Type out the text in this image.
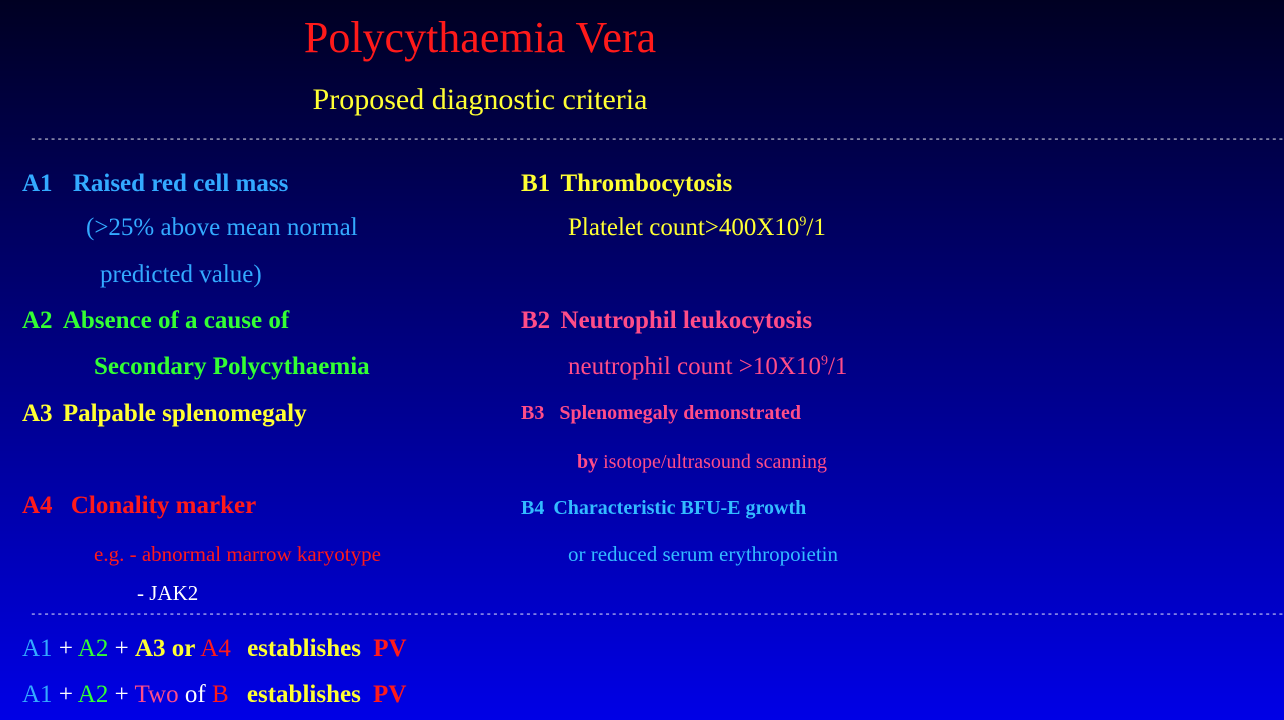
Polycythaemia Vera
Proposed diagnostic criteria
----------------------------------------------------------------------------------------------------------------------------------------------------------------------------------------------
A1 Raised red cell mass
(>25% above mean normal
predicted value)
A2 Absence of a cause of
Secondary Polycythaemia
A3 Palpable splenomegaly
A4 Clonality marker
e.g. - abnormal marrow karyotype
- JAK2
B1 Thrombocytosis
Platelet $count>400X10^9/1$
B2 Neutrophil leukocytosis
neutrophil count $>10X10^9/1$
B3 Splenomegaly demonstrated
by isotope/ultrasound scanning
B4 Characteristic BFU-E growth
or reduced serum erythropoietin
----------------------------------------------------------------------------------------------------------------------------------------------------------------------------------------------
A1 + A2 + A3 or A4 establishes PV
A1 + A2 + Two of B establishes PV
